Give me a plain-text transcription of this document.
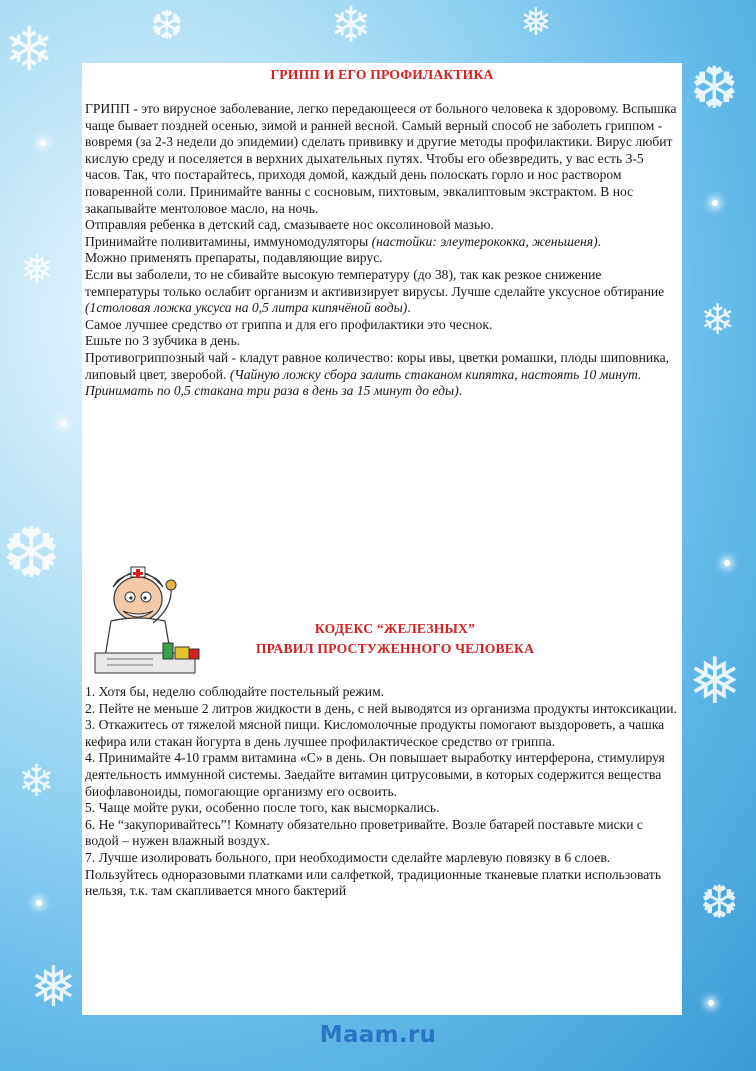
❄
❅
❆
❄
❅
❆
❄
❅
❆
❄	❅
❆
ГРИПП И ЕГО ПРОФИЛАКТИКА

ГРИПП - это вирусное заболевание, легко передающееся от больного человека к здоровому. Вспышка чаще бывает поздней осенью, зимой и ранней весной. Самый верный способ не заболеть гриппом - вовремя (за 2-3 недели до эпидемии) сделать прививку и другие методы профилактики. Вирус любит кислую среду и поселяется в верхних дыхательных путях. Чтобы его обезвредить, у вас есть 3-5 часов. Так, что постарайтесь, приходя домой, каждый день полоскать горло и нос раствором поваренной соли. Принимайте ванны с сосновым, пихтовым, эвкалиптовым экстрактом. В нос закапывайте ментоловое масло, на ночь.

Отправляя ребенка в детский сад, смазываете нос оксолиновой мазью.

Принимайте поливитамины, иммуномодуляторы (настойки: элеутерококка, женьшеня).

Можно применять препараты, подавляющие вирус.

Если вы заболели, то не сбивайте высокую температуру (до 38), так как резкое снижение температуры только ослабит организм и активизирует вирусы. Лучше сделайте уксусное обтирание (1столовая ложка уксуса на 0,5 литра кипячёной воды).

Самое лучшее средство от гриппа и для его профилактики это чеснок.

Ешьте по 3 зубчика в день.

Противогриппозный чай - кладут равное количество: коры ивы, цветки ромашки, плоды шиповника, липовый цвет, зверобой. (Чайную ложку сбора залить стаканом кипятка, настоять 10 минут. Принимать по 0,5 стакана три раза в день за 15 минут до еды).

КОДЕКС “ЖЕЛЕЗНЫХ”
ПРАВИЛ ПРОСТУЖЕННОГО ЧЕЛОВЕКА

1. Хотя бы, неделю соблюдайте постельный режим.

2. Пейте не меньше 2 литров жидкости в день, с ней выводятся из организма продукты интоксикации.

3. Откажитесь от тяжелой мясной пищи. Кисломолочные продукты помогают выздороветь, а чашка кефира или стакан йогурта в день лучшее профилактическое средство от гриппа.

4. Принимайте 4-10 грамм витамина «С» в день. Он повышает выработку интерферона, стимулируя деятельность иммунной системы. Заедайте витамин цитрусовыми, в которых содержится вещества биофлавоноиды, помогающие организму его освоить.

5. Чаще мойте руки, особенно после того, как высморкались.

6. Не “закупоривайтесь”! Комнату обязательно проветривайте. Возле батарей поставьте миски с водой – нужен влажный воздух.

7. Лучше изолировать больного, при необходимости сделайте марлевую повязку в 6 слоев. Пользуйтесь одноразовыми платками или салфеткой, традиционные тканевые платки использовать нельзя, т.к. там скапливается много бактерий

Maam.ru
